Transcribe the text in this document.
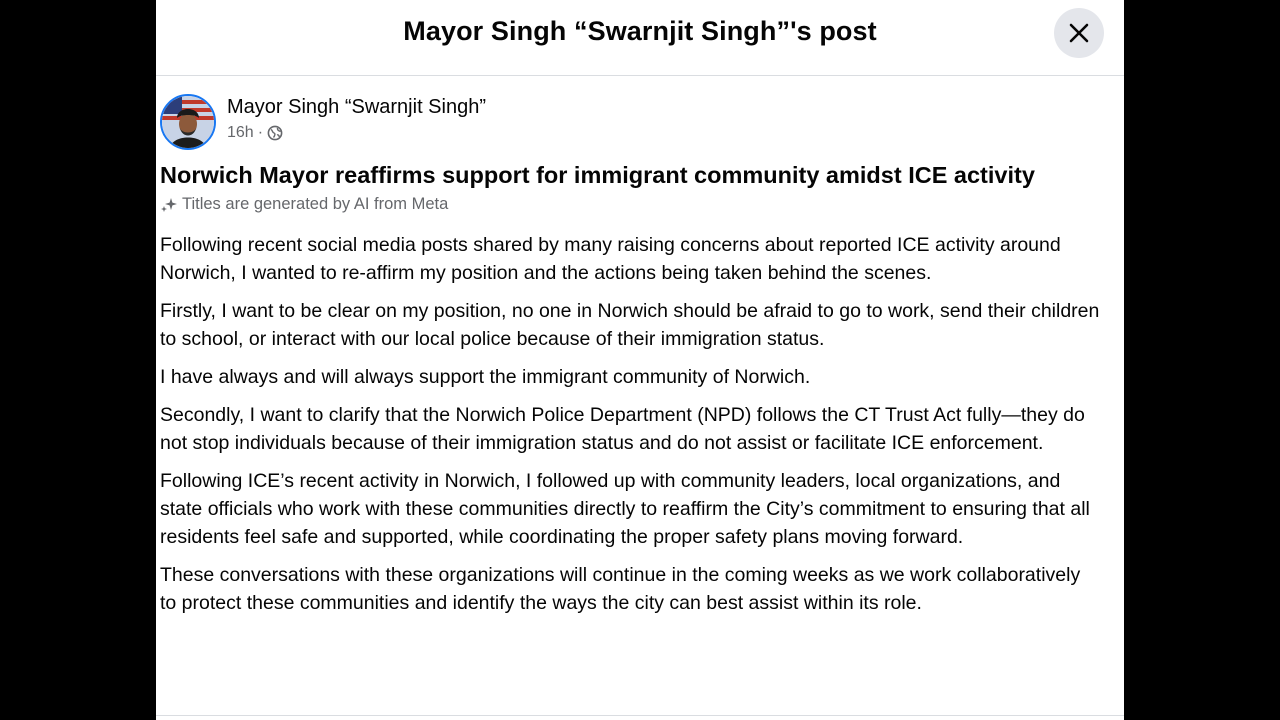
Mayor Singh “Swarnjit Singh”'s post
Mayor Singh “Swarnjit Singh”
16h ·
Norwich Mayor reaffirms support for immigrant community amidst ICE activity
Titles are generated by AI from Meta

Following recent social media posts shared by many raising concerns about reported ICE activity around Norwich, I wanted to re-affirm my position and the actions being taken behind the scenes.

Firstly, I want to be clear on my position, no one in Norwich should be afraid to go to work, send their children to school, or interact with our local police because of their immigration status.

I have always and will always support the immigrant community of Norwich.

Secondly, I want to clarify that the Norwich Police Department (NPD) follows the CT Trust Act fully—they do not stop individuals because of their immigration status and do not assist or facilitate ICE enforcement.

Following ICE’s recent activity in Norwich, I followed up with community leaders, local organizations, and state officials who work with these communities directly to reaffirm the City’s commitment to ensuring that all residents feel safe and supported, while coordinating the proper safety plans moving forward.

These conversations with these organizations will continue in the coming weeks as we work collaboratively to protect these communities and identify the ways the city can best assist within its role.
